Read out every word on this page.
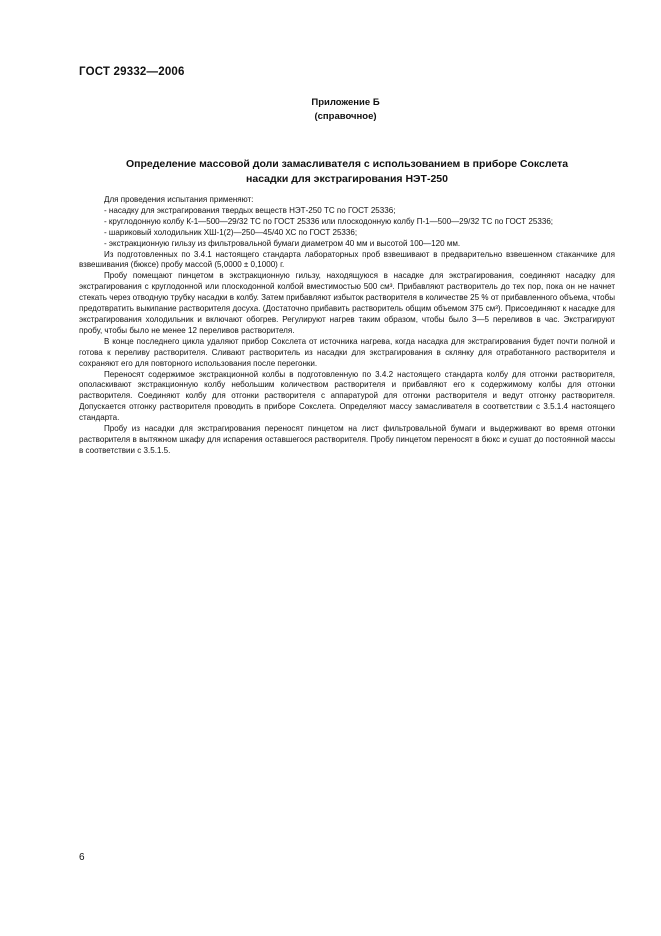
ГОСТ 29332—2006
Приложение Б
(справочное)
Определение массовой доли замасливателя с использованием в приборе Сокслета
насадки для экстрагирования НЭТ-250

Для проведения испытания применяют:

- насадку для экстрагирования твердых веществ НЭТ-250 ТС по ГОСТ 25336;

- круглодонную колбу К-1—500—29/32 ТС по ГОСТ 25336 или плоскодонную колбу П-1—500—29/32 ТС по ГОСТ 25336;

- шариковый холодильник ХШ-1(2)—250—45/40 ХС по ГОСТ 25336;

- экстракционную гильзу из фильтровальной бумаги диаметром 40 мм и высотой 100—120 мм.

Из подготовленных по 3.4.1 настоящего стандарта лабораторных проб взвешивают в предварительно взвешенном стаканчике для взвешивания (бюксе) пробу массой (5,0000 ± 0,1000) г.

Пробу помещают пинцетом в экстракционную гильзу, находящуюся в насадке для экстрагирования, соединяют насадку для экстрагирования с круглодонной или плоскодонной колбой вместимостью 500 см³. Прибавляют растворитель до тех пор, пока он не начнет стекать через отводную трубку насадки в колбу. Затем прибавляют избыток растворителя в количестве 25 % от прибавленного объема, чтобы предотвратить выкипание растворителя досуха. (Достаточно прибавить растворитель общим объемом 375 см³). Присоединяют к насадке для экстрагирования холодильник и включают обогрев. Регулируют нагрев таким образом, чтобы было 3—5 переливов в час. Экстрагируют пробу, чтобы было не менее 12 переливов растворителя.

В конце последнего цикла удаляют прибор Сокслета от источника нагрева, когда насадка для экстрагирования будет почти полной и готова к переливу растворителя. Сливают растворитель из насадки для экстрагирования в склянку для отработанного растворителя и сохраняют его для повторного использования после перегонки.

Переносят содержимое экстракционной колбы в подготовленную по 3.4.2 настоящего стандарта колбу для отгонки растворителя, ополаскивают экстракционную колбу небольшим количеством растворителя и прибавляют его к содержимому колбы для отгонки растворителя. Соединяют колбу для отгонки растворителя с аппаратурой для отгонки растворителя и ведут отгонку растворителя. Допускается отгонку растворителя проводить в приборе Сокслета. Определяют массу замасливателя в соответствии с 3.5.1.4 настоящего стандарта.

Пробу из насадки для экстрагирования переносят пинцетом на лист фильтровальной бумаги и выдерживают во время отгонки растворителя в вытяжном шкафу для испарения оставшегося растворителя. Пробу пинцетом переносят в бюкс и сушат до постоянной массы в соответствии с 3.5.1.5.

6
